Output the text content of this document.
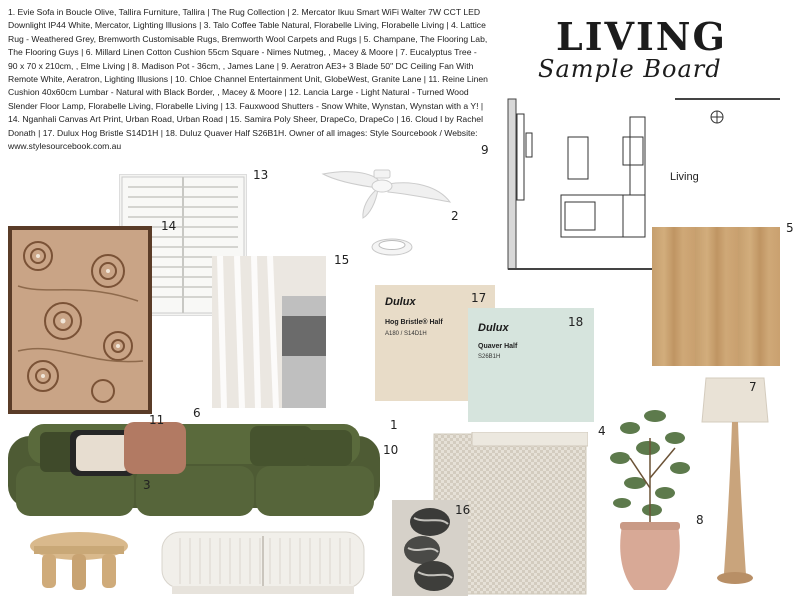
1. Evie Sofa in Boucle Olive, Tallira Furniture, Tallira | The Rug Collection | 2. Mercator Ikuu Smart WiFi Walter 7W CCT LED Downlight IP44 White, Mercator, Lighting Illusions | 3. Talo Coffee Table Natural, Florabelle Living, Florabelle Living | 4. Lattice Rug - Weathered Grey, Bremworth Customisable Rugs, Bremworth Wool Carpets and Rugs | 5. Champane, The Flooring Lab, The Flooring Guys | 6. Millard Linen Cotton Cushion 55cm Square - Nimes Nutmeg, , Macey & Moore | 7. Eucalyptus Tree - 90 x 70 x 210cm, , Elme Living | 8. Madison Pot - 36cm, , James Lane | 9. Aeratron AE3+ 3 Blade 50" DC Ceiling Fan With Remote White, Aeratron, Lighting Illusions | 10. Chloe Channel Entertainment Unit, GlobeWest, Granite Lane | 11. Reine Linen Cushion 40x60cm Lumbar - Natural with Black Border, , Macey & Moore | 12. Lancia Large - Light Natural - Turned Wood Slender Floor Lamp, Florabelle Living, Florabelle Living | 13. Fauxwood Shutters - Snow White, Wynstan, Wynstan with a Y! | 14. Nganhali Canvas Art Print, Urban Road, Urban Road | 15. Samira Poly Sheer, DrapeCo, DrapeCo | 16. Cloud I by Rachel Donath | 17. Dulux Hog Bristle S14D1H | 18. Duluz Quaver Half S26B1H. Owner of all images: Style Sourcebook / Website: www.stylesourcebook.com.au
LIVING
Sample Board
Living
Dulux
Hog Bristle® Half
A180 / S14D1H	Dulux
Quaver Half
S26B1H
9
13
2
14	5
15
17
18
7
6
11	1	4
10
3
16
8
